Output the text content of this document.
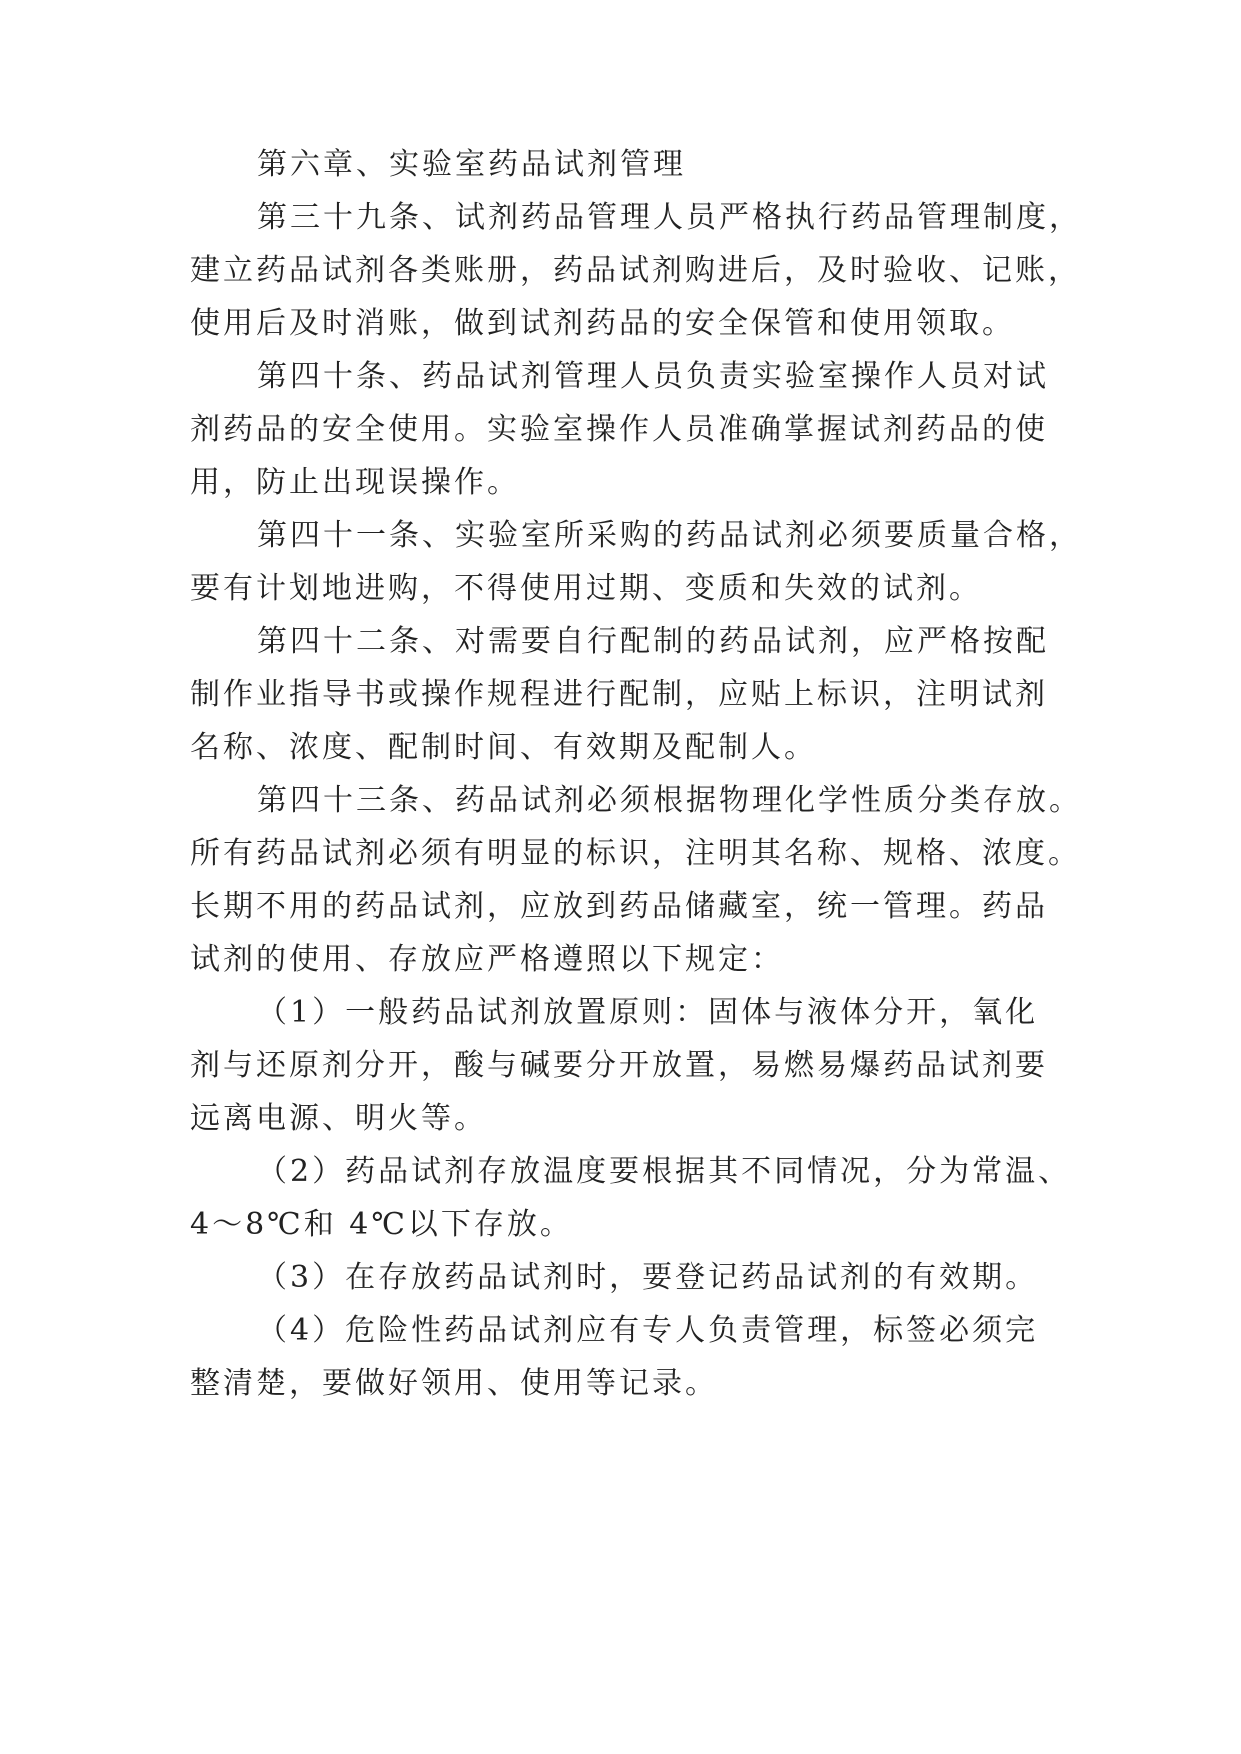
第六章、实验室药品试剂管理
第三十九条、试剂药品管理人员严格执行药品管理制度，
建立药品试剂各类账册，药品试剂购进后，及时验收、记账，
使用后及时消账，做到试剂药品的安全保管和使用领取。
第四十条、药品试剂管理人员负责实验室操作人员对试
剂药品的安全使用。实验室操作人员准确掌握试剂药品的使
用，防止出现误操作。
第四十一条、实验室所采购的药品试剂必须要质量合格，
要有计划地进购，不得使用过期、变质和失效的试剂。
第四十二条、对需要自行配制的药品试剂，应严格按配
制作业指导书或操作规程进行配制，应贴上标识，注明试剂
名称、浓度、配制时间、有效期及配制人。
第四十三条、药品试剂必须根据物理化学性质分类存放。
所有药品试剂必须有明显的标识，注明其名称、规格、浓度。
长期不用的药品试剂，应放到药品储藏室，统一管理。药品
试剂的使用、存放应严格遵照以下规定：
（1）一般药品试剂放置原则：固体与液体分开，氧化
剂与还原剂分开，酸与碱要分开放置，易燃易爆药品试剂要
远离电源、明火等。
（2）药品试剂存放温度要根据其不同情况，分为常温、
4～8℃和 4℃以下存放。
（3）在存放药品试剂时，要登记药品试剂的有效期。
（4）危险性药品试剂应有专人负责管理，标签必须完
整清楚，要做好领用、使用等记录。
